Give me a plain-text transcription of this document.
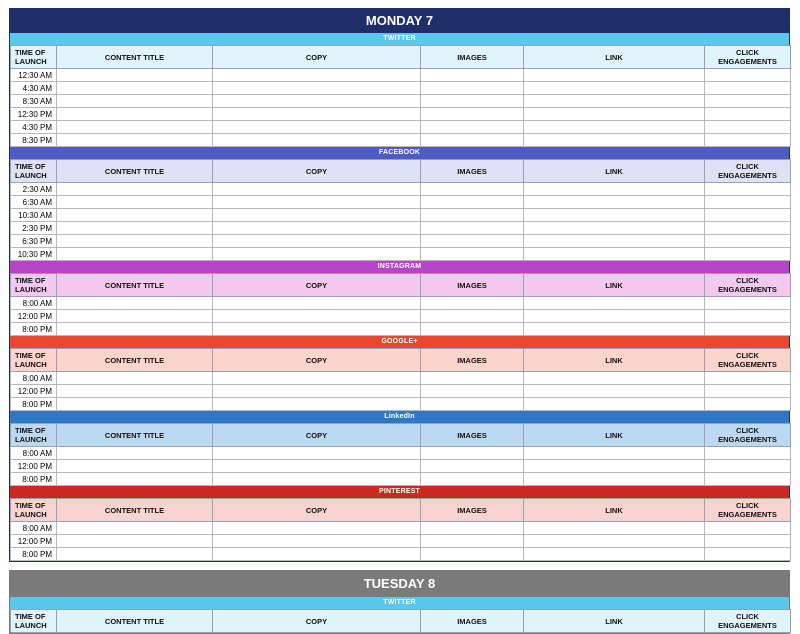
MONDAY 7
TWITTER
TIME OF LAUNCH	CONTENT TITLE	COPY	IMAGES	LINK	CLICK ENGAGEMENTS
12:30 AM					
4:30 AM					
8:30 AM					
12:30 PM					
4:30 PM					
8:30 PM					
FACEBOOK
TIME OF LAUNCH	CONTENT TITLE	COPY	IMAGES	LINK	CLICK ENGAGEMENTS
2:30 AM					
6:30 AM					
10:30 AM					
2:30 PM					
6:30 PM					
10:30 PM					
INSTAGRAM
TIME OF LAUNCH	CONTENT TITLE	COPY	IMAGES	LINK	CLICK ENGAGEMENTS
8:00 AM					
12:00 PM					
8:00 PM					
GOOGLE+
TIME OF LAUNCH	CONTENT TITLE	COPY	IMAGES	LINK	CLICK ENGAGEMENTS
8:00 AM					
12:00 PM					
8:00 PM					
LinkedIn
TIME OF LAUNCH	CONTENT TITLE	COPY	IMAGES	LINK	CLICK ENGAGEMENTS
8:00 AM					
12:00 PM					
8:00 PM					
PINTEREST
TIME OF LAUNCH	CONTENT TITLE	COPY	IMAGES	LINK	CLICK ENGAGEMENTS
8:00 AM					
12:00 PM					
8:00 PM					
TUESDAY 8
TWITTER
TIME OF LAUNCH	CONTENT TITLE	COPY	IMAGES	LINK	CLICK ENGAGEMENTS
